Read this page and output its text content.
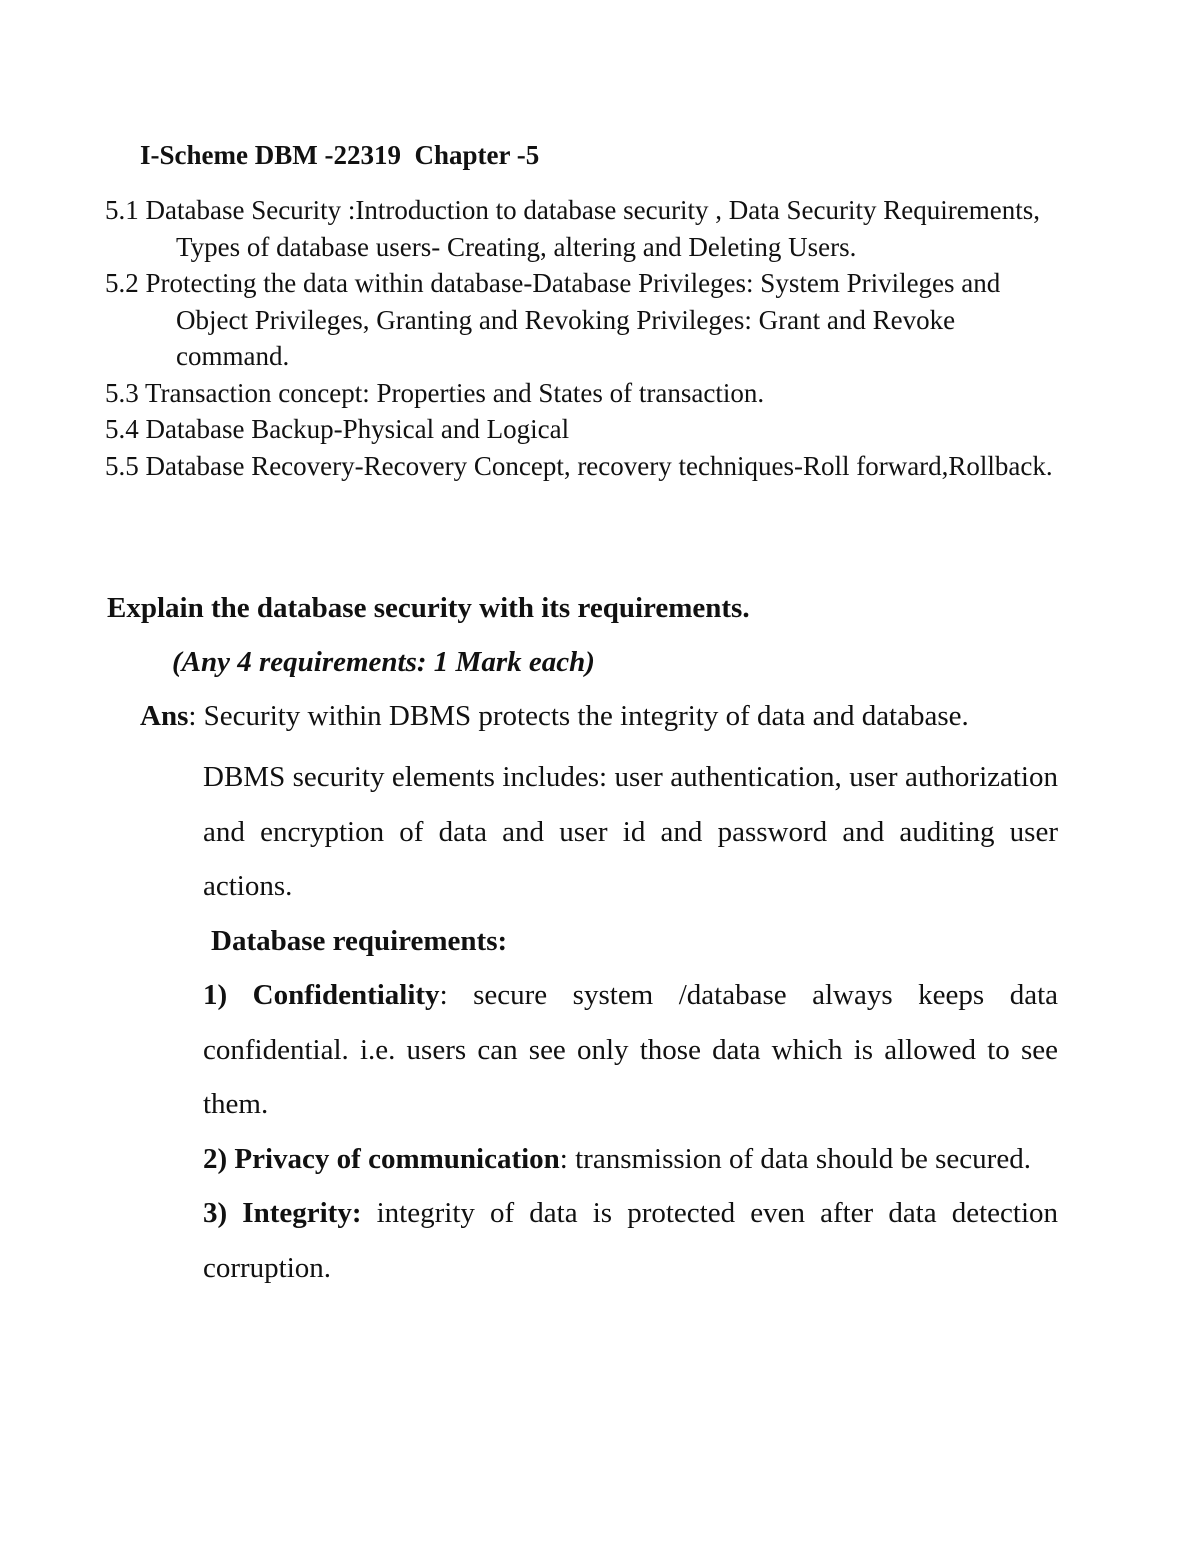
I-Scheme DBM -22319  Chapter -5

5.1 Database Security :Introduction to database security , Data Security Requirements, Types of database users- Creating, altering and Deleting Users.

5.2 Protecting the data within database-Database Privileges: System Privileges and Object Privileges, Granting and Revoking Privileges: Grant and Revoke command.

5.3 Transaction concept: Properties and States of transaction.

5.4 Database Backup-Physical and Logical

5.5 Database Recovery-Recovery Concept, recovery techniques-Roll forward,Rollback.

Explain the database security with its requirements.
(Any 4 requirements: 1 Mark each)
Ans: Security within DBMS protects the integrity of data and database.

DBMS security elements includes: user authentication, user authorization and encryption of data and user id and password and auditing user actions.

Database requirements:

1) Confidentiality: secure system /database always keeps data confidential. i.e. users can see only those data which is allowed to see them.

2) Privacy of communication: transmission of data should be secured.

3) Integrity: integrity of data is protected even after data detection corruption.
